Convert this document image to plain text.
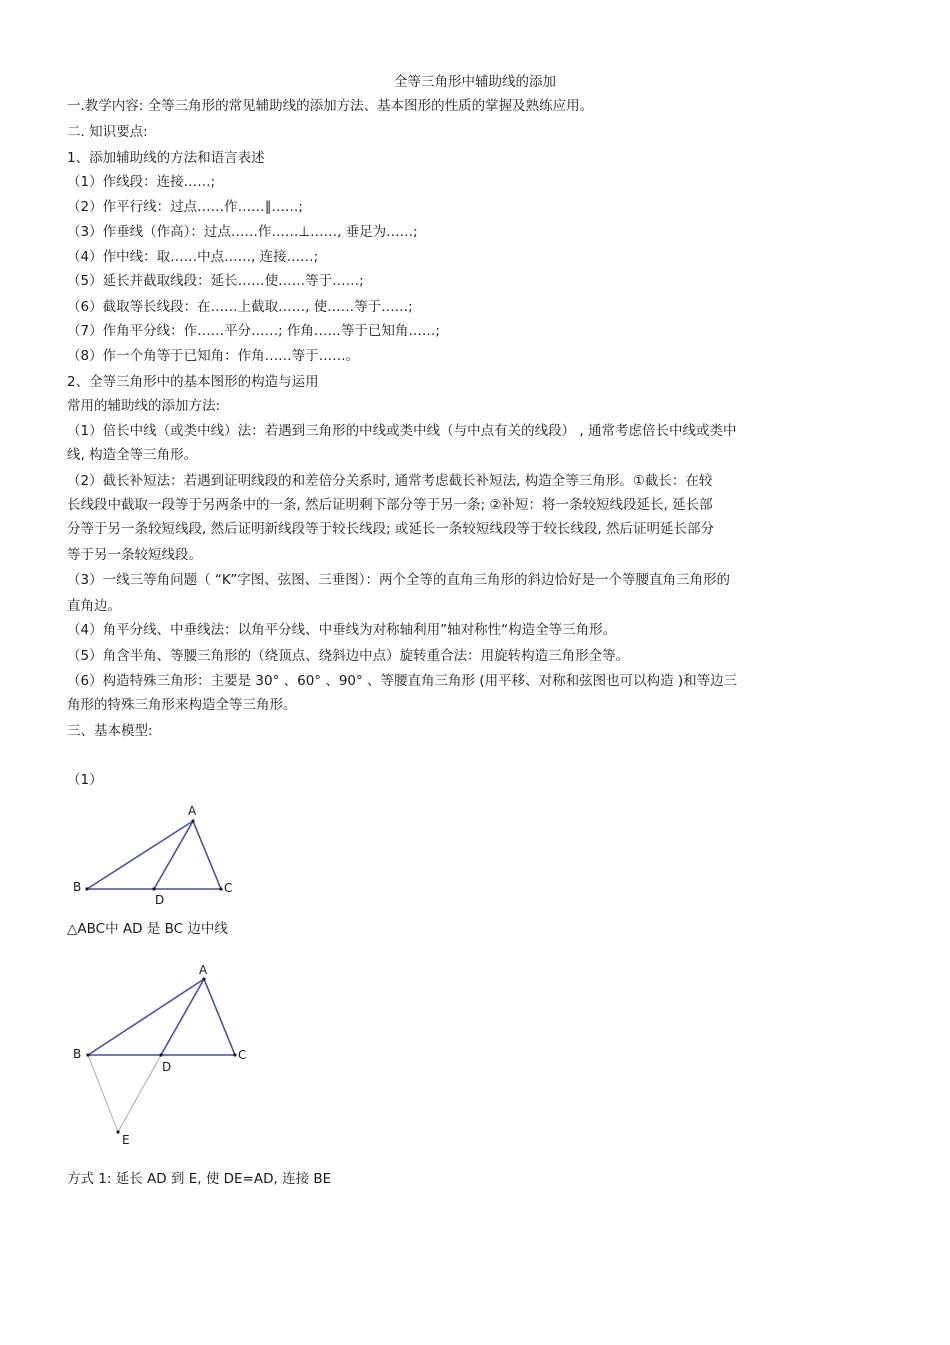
全等三角形中辅助线的添加
一.教学内容: 全等三角形的常见辅助线的添加方法、基本图形的性质的掌握及熟练应用。
二. 知识要点:
1、添加辅助线的方法和语言表述
（1）作线段：连接……;
（2）作平行线：过点……作……∥……;
（3）作垂线（作高）：过点……作……⊥……, 垂足为……;
（4）作中线：取……中点……, 连接……;
（5）延长并截取线段：延长……使……等于……;
（6）截取等长线段：在……上截取……, 使……等于……;
（7）作角平分线：作……平分……; 作角……等于已知角……;
（8）作一个角等于已知角：作角……等于……。
2、全等三角形中的基本图形的构造与运用
常用的辅助线的添加方法:
（1）倍长中线（或类中线）法：若遇到三角形的中线或类中线（与中点有关的线段） , 通常考虑倍长中线或类中
线, 构造全等三角形。
（2）截长补短法：若遇到证明线段的和差倍分关系时, 通常考虑截长补短法, 构造全等三角形。①截长：在较
长线段中截取一段等于另两条中的一条, 然后证明剩下部分等于另一条; ②补短：将一条较短线段延长, 延长部
分等于另一条较短线段, 然后证明新线段等于较长线段; 或延长一条较短线段等于较长线段, 然后证明延长部分
等于另一条较短线段。
（3）一线三等角问题（ “K”字图、弦图、三垂图）：两个全等的直角三角形的斜边恰好是一个等腰直角三角形的
直角边。
（4）角平分线、中垂线法：以角平分线、中垂线为对称轴利用”轴对称性“构造全等三角形。
（5）角含半角、等腰三角形的（绕顶点、绕斜边中点）旋转重合法：用旋转构造三角形全等。
（6）构造特殊三角形：主要是 30° 、60° 、90° 、等腰直角三角形 (用平移、对称和弦图也可以构造 )和等边三
角形的特殊三角形来构造全等三角形。
三、基本模型:
（1）
A
B	C
D
△ABC中 AD 是 BC 边中线
A
B	C
D
E
方式 1: 延长 AD 到 E, 使 DE=AD, 连接 BE
